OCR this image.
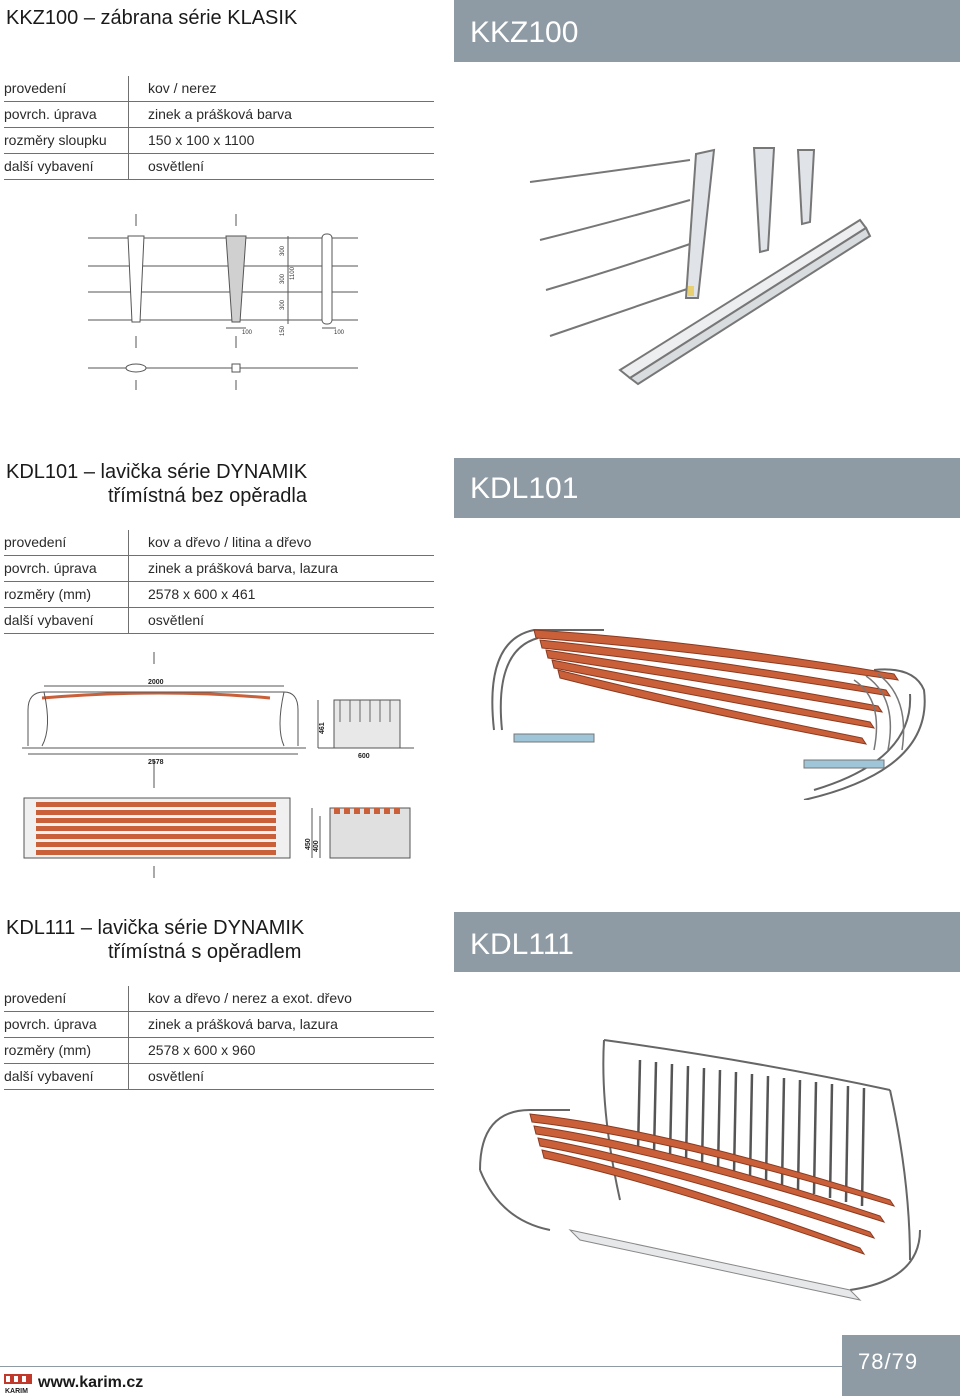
KKZ100 – zábrana série KLASIK	KKZ100
provedení	kov / nerez
povrch. úprava	zinek a prášková barva
rozměry sloupku	150 x 100 x 1100
další vybavení	osvětlení
100	100
300
300
300
1100
150
KDL101 – lavička série DYNAMIK
třímístná bez opěradla	KDL101
provedení	kov a dřevo / litina a dřevo
povrch. úprava	zinek a prášková barva, lazura
rozměry (mm)	2578 x 600 x 461
další vybavení	osvětlení
2000
2578
461
600
450 400
KDL111 – lavička série DYNAMIK
třímístná s opěradlem	KDL111
provedení	kov a dřevo / nerez a exot. dřevo
povrch. úprava	zinek a prášková barva, lazura
rozměry (mm)	2578 x 600 x 960
další vybavení	osvětlení
KARIM
www.karim.cz
78/79
